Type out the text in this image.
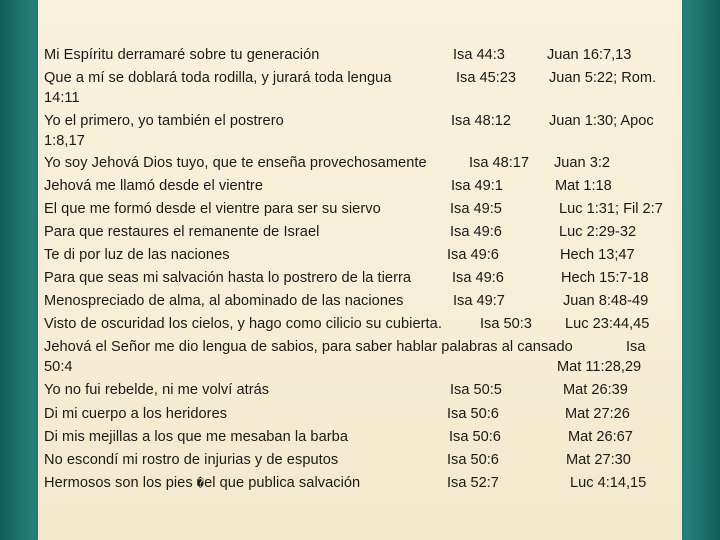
Mi Espíritu derramaré sobre tu generación	Isa 44:3	Juan 16:7,13
Que a mí se doblará toda rodilla, y jurará toda lengua	Isa 45:23 Juan 5:22; Rom.
14:11
Yo el primero, yo también el postrero	Isa 48:12	Juan 1:30; Apoc
1:8,17
Yo soy Jehová Dios tuyo, que te enseña provechosamente	Isa 48:17 Juan 3:2
Jehová me llamó desde el vientre	Isa 49:1	Mat 1:18
El que me formó desde el vientre para ser su siervo	Isa 49:5	Luc 1:31; Fil 2:7
Para que restaures el remanente de Israel	Isa 49:6	Luc 2:29-32
Te di por luz de las naciones	Isa 49:6	Hech 13;47
Para que seas mi salvación hasta lo postrero de la tierra	Isa 49:6	Hech 15:7-18
Menospreciado de alma, al abominado de las naciones	Isa 49:7	Juan 8:48-49
Visto de oscuridad los cielos, y hago como cilicio su cubierta.	Isa 50:3 Luc 23:44,45
Jehová el Señor me dio lengua de sabios, para saber hablar palabras al cansado	Isa
50:4	Mat 11:28,29
Yo no fui rebelde, ni me volví atrás	Isa 50:5	Mat 26:39
Di mi cuerpo a los heridores	Isa 50:6	Mat 27:26
Di mis mejillas a los que me mesaban la barba	Isa 50:6	Mat 26:67
No escondí mi rostro de injurias y de esputos	Isa 50:6	Mat 27:30
Hermosos son los pies �el que publica salvación	Isa 52:7	Luc 4:14,15
